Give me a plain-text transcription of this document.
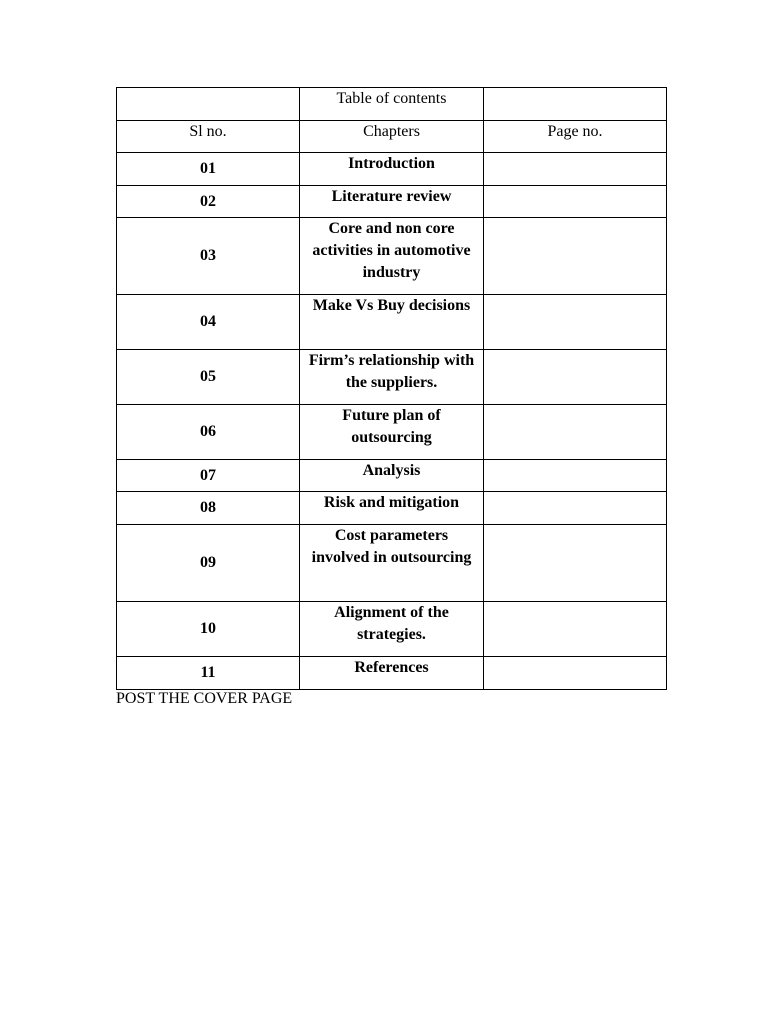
	Table of contents	
Sl no.	Chapters	Page no.
01	Introduction	
02	Literature review	
03	Core and non core activities in automotive industry	
04	Make Vs Buy decisions	
05	Firm’s relationship with the suppliers.	
06	Future plan of outsourcing	
07	Analysis	
08	Risk and mitigation	
09	Cost parameters involved in outsourcing	
10	Alignment of the strategies.	
11	References	
POST THE COVER PAGE
